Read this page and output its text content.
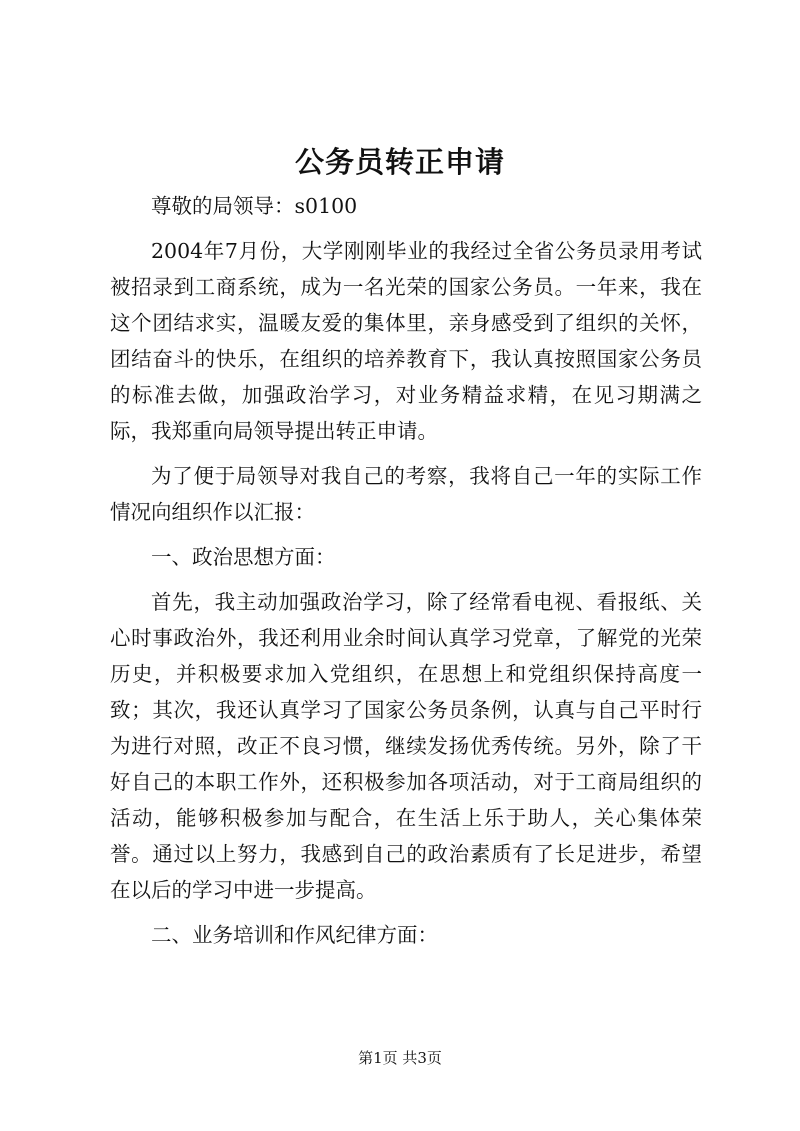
公务员转正申请

尊敬的局领导：s0100

2004年7月份，大学刚刚毕业的我经过全省公务员录用考试被招录到工商系统，成为一名光荣的国家公务员。一年来，我在这个团结求实，温暖友爱的集体里，亲身感受到了组织的关怀，团结奋斗的快乐，在组织的培养教育下，我认真按照国家公务员的标准去做，加强政治学习，对业务精益求精，在见习期满之际，我郑重向局领导提出转正申请。

为了便于局领导对我自己的考察，我将自己一年的实际工作情况向组织作以汇报：

一、政治思想方面：

首先，我主动加强政治学习，除了经常看电视、看报纸、关心时事政治外，我还利用业余时间认真学习党章，了解党的光荣历史，并积极要求加入党组织，在思想上和党组织保持高度一致；其次，我还认真学习了国家公务员条例，认真与自己平时行为进行对照，改正不良习惯，继续发扬优秀传统。另外，除了干好自己的本职工作外，还积极参加各项活动，对于工商局组织的活动，能够积极参加与配合，在生活上乐于助人，关心集体荣誉。通过以上努力，我感到自己的政治素质有了长足进步，希望在以后的学习中进一步提高。

二、业务培训和作风纪律方面：

第1页 共3页
